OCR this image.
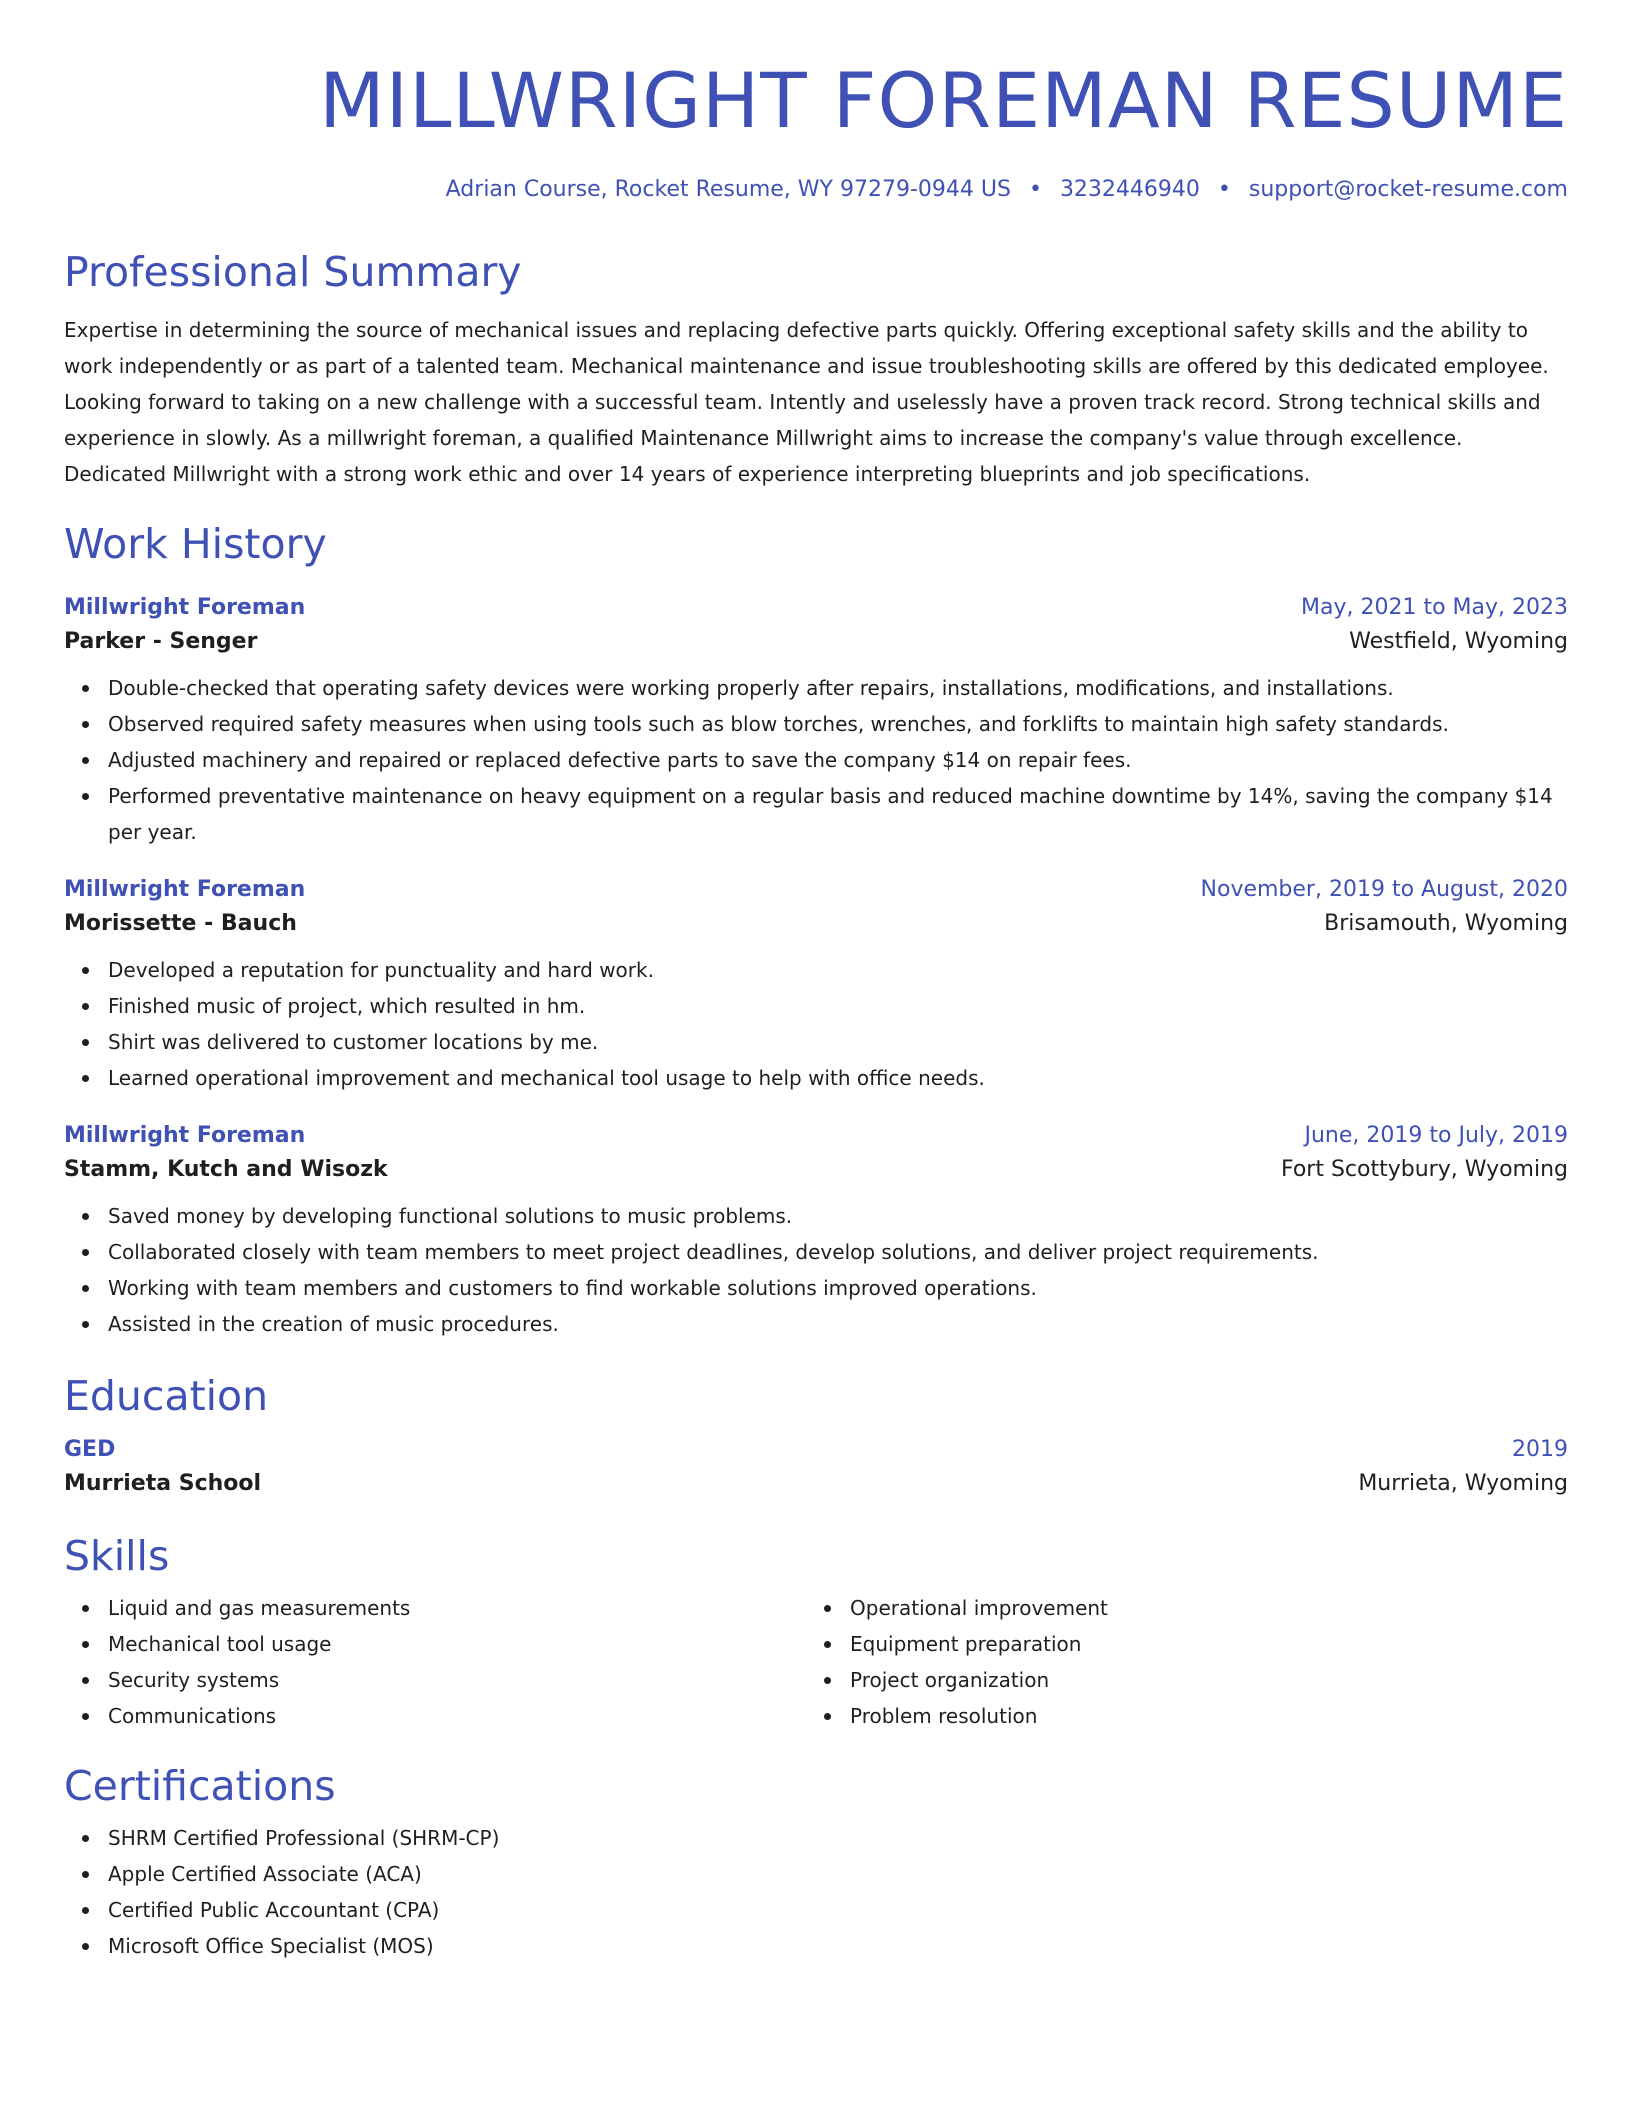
MILLWRIGHT FOREMAN RESUME
Adrian Course, Rocket Resume, WY 97279-0944 US • 3232446940 • support@rocket-resume.com
Professional Summary

Expertise in determining the source of mechanical issues and replacing defective parts quickly. Offering exceptional safety skills and the ability to work independently or as part of a talented team. Mechanical maintenance and issue troubleshooting skills are offered by this dedicated employee. Looking forward to taking on a new challenge with a successful team. Intently and uselessly have a proven track record. Strong technical skills and experience in slowly. As a millwright foreman, a qualified Maintenance Millwright aims to increase the company's value through excellence. Dedicated Millwright with a strong work ethic and over 14 years of experience interpreting blueprints and job specifications.

Work History
Millwright Foreman	May, 2021 to May, 2023
Parker - Senger	Westfield, Wyoming
Double-checked that operating safety devices were working properly after repairs, installations, modifications, and installations.
Observed required safety measures when using tools such as blow torches, wrenches, and forklifts to maintain high safety standards.
Adjusted machinery and repaired or replaced defective parts to save the company $14 on repair fees.
Performed preventative maintenance on heavy equipment on a regular basis and reduced machine downtime by 14%, saving the company $14 per year.
Millwright Foreman	November, 2019 to August, 2020
Morissette - Bauch	Brisamouth, Wyoming
Developed a reputation for punctuality and hard work.
Finished music of project, which resulted in hm.
Shirt was delivered to customer locations by me.
Learned operational improvement and mechanical tool usage to help with office needs.
Millwright Foreman	June, 2019 to July, 2019
Stamm, Kutch and Wisozk	Fort Scottybury, Wyoming
Saved money by developing functional solutions to music problems.
Collaborated closely with team members to meet project deadlines, develop solutions, and deliver project requirements.
Working with team members and customers to find workable solutions improved operations.
Assisted in the creation of music procedures.
Education
GED	2019
Murrieta School	Murrieta, Wyoming
Skills
Liquid and gas measurements
Mechanical tool usage
Security systems
Communications
Operational improvement
Equipment preparation
Project organization
Problem resolution
Certifications
SHRM Certified Professional (SHRM-CP)
Apple Certified Associate (ACA)
Certified Public Accountant (CPA)
Microsoft Office Specialist (MOS)
